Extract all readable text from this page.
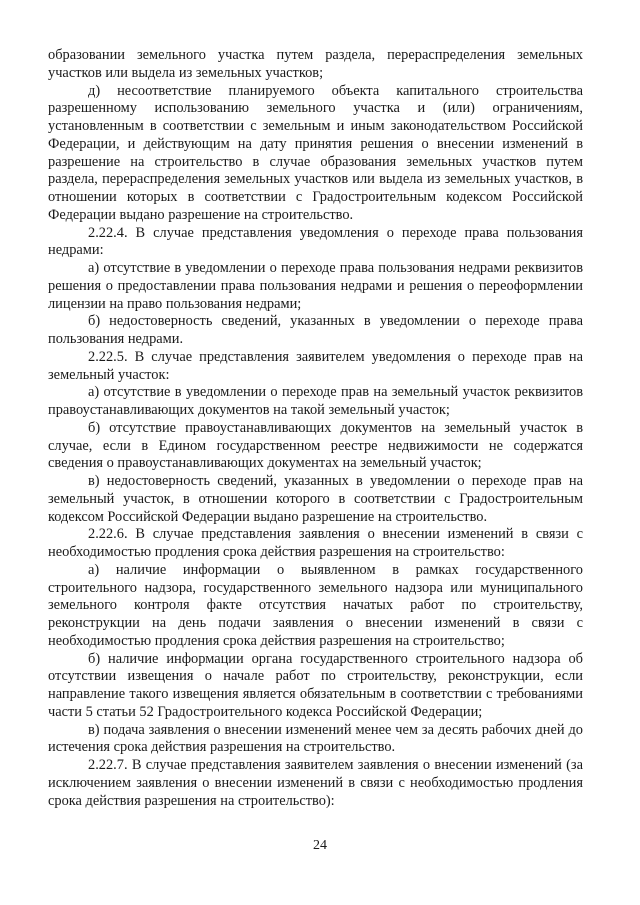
образовании земельного участка путем раздела, перераспределения земельных участков или выдела из земельных участков;

д) несоответствие планируемого объекта капитального строительства разрешенному использованию земельного участка и (или) ограничениям, установленным в соответствии с земельным и иным законодательством Российской Федерации, и действующим на дату принятия решения о внесении изменений в разрешение на строительство в случае образования земельных участков путем раздела, перераспределения земельных участков или выдела из земельных участков, в отношении которых в соответствии с Градостроительным кодексом Российской Федерации выдано разрешение на строительство.

2.22.4. В случае представления уведомления о переходе права пользования недрами:

а) отсутствие в уведомлении о переходе права пользования недрами реквизитов решения о предоставлении права пользования недрами и решения о переоформлении лицензии на право пользования недрами;

б) недостоверность сведений, указанных в уведомлении о переходе права пользования недрами.

2.22.5. В случае представления заявителем уведомления о переходе прав на земельный участок:

а) отсутствие в уведомлении о переходе прав на земельный участок реквизитов правоустанавливающих документов на такой земельный участок;

б) отсутствие правоустанавливающих документов на земельный участок в случае, если в Едином государственном реестре недвижимости не содержатся сведения о правоустанавливающих документах на земельный участок;

в) недостоверность сведений, указанных в уведомлении о переходе прав на земельный участок, в отношении которого в соответствии с Градостроительным кодексом Российской Федерации выдано разрешение на строительство.

2.22.6. В случае представления заявления о внесении изменений в связи с необходимостью продления срока действия разрешения на строительство:

а) наличие информации о выявленном в рамках государственного строительного надзора, государственного земельного надзора или муниципального земельного контроля факте отсутствия начатых работ по строительству, реконструкции на день подачи заявления о внесении изменений в связи с необходимостью продления срока действия разрешения на строительство;

б) наличие информации органа государственного строительного надзора об отсутствии извещения о начале работ по строительству, реконструкции, если направление такого извещения является обязательным в соответствии с требованиями части 5 статьи 52 Градостроительного кодекса Российской Федерации;

в) подача заявления о внесении изменений менее чем за десять рабочих дней до истечения срока действия разрешения на строительство.

2.22.7. В случае представления заявителем заявления о внесении изменений (за исключением заявления о внесении изменений в связи с необходимостью продления срока действия разрешения на строительство):

24
